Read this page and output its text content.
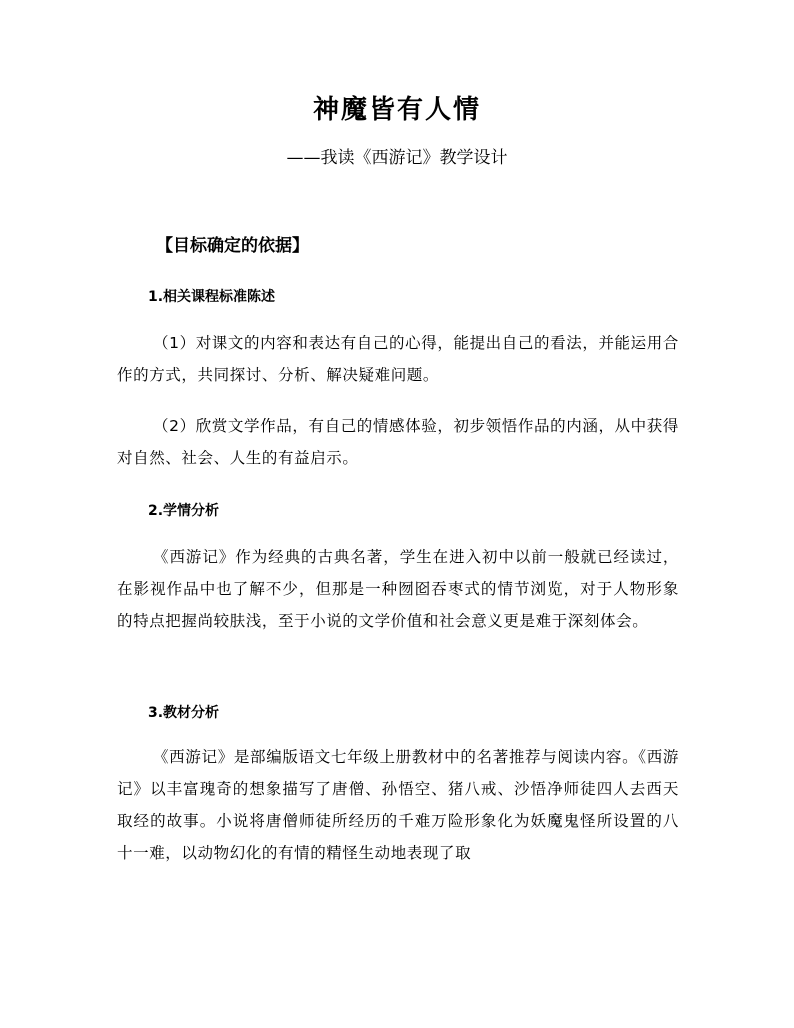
神魔皆有人情
——我读《西游记》教学设计
【目标确定的依据】
1.相关课程标准陈述
（1）对课文的内容和表达有自己的心得，能提出自己的看法，并能运用合作的方式，共同探讨、分析、解决疑难问题。
（2）欣赏文学作品，有自己的情感体验，初步领悟作品的内涵，从中获得对自然、社会、人生的有益启示。
2.学情分析
《西游记》作为经典的古典名著，学生在进入初中以前一般就已经读过，在影视作品中也了解不少，但那是一种囫囵吞枣式的情节浏览，对于人物形象的特点把握尚较肤浅，至于小说的文学价值和社会意义更是难于深刻体会。
3.教材分析
《西游记》是部编版语文七年级上册教材中的名著推荐与阅读内容。《西游记》以丰富瑰奇的想象描写了唐僧、孙悟空、猪八戒、沙悟净师徒四人去西天取经的故事。小说将唐僧师徒所经历的千难万险形象化为妖魔鬼怪所设置的八十一难，以动物幻化的有情的精怪生动地表现了取
